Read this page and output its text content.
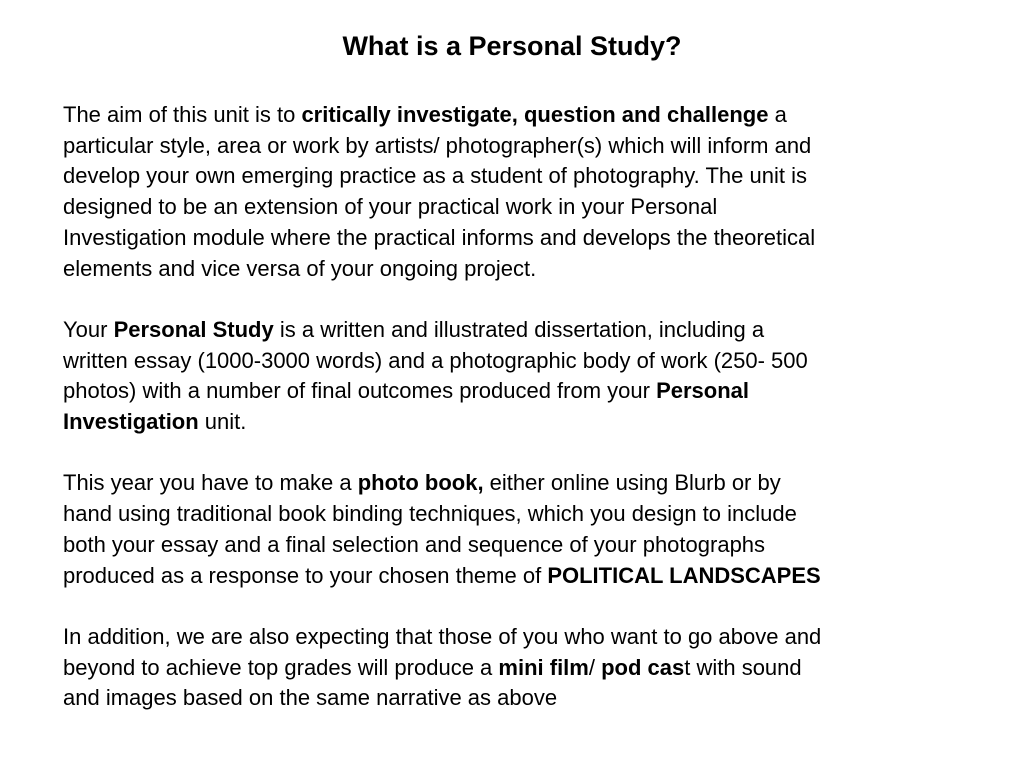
What is a Personal Study?

The aim of this unit is to critically investigate, question and challenge a
particular style, area or work by artists/ photographer(s) which will inform and
develop your own emerging practice as a student of photography. The unit is
designed to be an extension of your practical work in your Personal
Investigation module where the practical informs and develops the theoretical
elements and vice versa of your ongoing project.

Your Personal Study is a written and illustrated dissertation, including a
written essay (1000-3000 words) and a photographic body of work (250- 500
photos) with a number of final outcomes produced from your Personal
Investigation unit.

This year you have to make a photo book, either online using Blurb or by
hand using traditional book binding techniques, which you design to include
both your essay and a final selection and sequence of your photographs
produced as a response to your chosen theme of POLITICAL LANDSCAPES

In addition, we are also expecting that those of you who want to go above and
beyond to achieve top grades will produce a mini film/ pod cast with sound
and images based on the same narrative as above
